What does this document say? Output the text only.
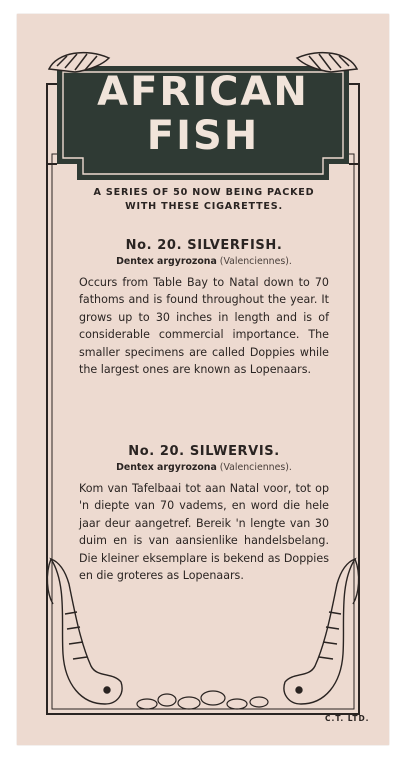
AFRICAN
FISH
A SERIES OF 50 NOW BEING PACKED
WITH THESE CIGARETTES.
No. 20. SILVERFISH.
Dentex argyrozona (Valenciennes).
Occurs from Table Bay to Natal down to 70 fathoms and is found throughout the year. It grows up to 30 inches in length and is of considerable commercial importance. The smaller specimens are called Doppies while the largest ones are known as Lopenaars.
No. 20. SILWERVIS.
Dentex argyrozona (Valenciennes).
Kom van Tafelbaai tot aan Natal voor, tot op 'n diepte van 70 vadems, en word die hele jaar deur aangetref. Bereik 'n lengte van 30 duim en is van aansienlike handelsbelang. Die kleiner eksemplare is bekend as Doppies en die groteres as Lopenaars.
C.T. LTD.
